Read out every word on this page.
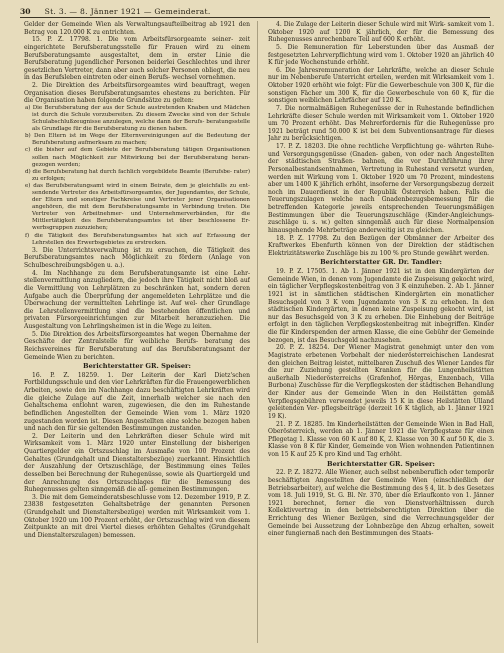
30 St. 3. — 8. Jänner 1921 — Gemeinderat.

Gelder der Gemeinde Wien als Verwaltungsaufteilbeitrag ab 1921 den Betrag von 120.000 K zu entrichten.

15. P. Z. 17798. 1. Die vom Arbeitsfürsorgeamte seiner- zeit eingerichtete Berufsberatungsstelle für Frauen wird zu einem Berufsberatungsamte ausgestaltet, dem in erster Linie die Berufsberatung jugendlicher Personen beiderlei Geschlechtes und ihrer gesetzlichen Vertreter, dann aber auch solcher Personen obliegt, die neu in das Berufsleben eintreten oder einen Berufs- wechsel vornehmen.

2. Die Direktion des Arbeitsfürsorgeamtes wird beauftragt, wegen Organisation dieses Berufsberatungsamtes ehestens zu berichten. Für die Organisation haben folgende Grundsätze zu gelten:

a) Die Berufsberatung der aus der Schule austretenden Knaben und Mädchen ist durch die Schule vorzubereiten. Zu diesem Zwecke sind von der Schule Schulabschlußzeugnisse anzulegen, welche dann der Berufs- beratungsstelle als Grundlage für die Berufsberatung zu dienen haben.

b) Den Eltern ist im Wege der Elternvereinigungen auf die Bedeutung der Berufsberatung aufmerksam zu machen;

c) die bisher auf dem Gebiete der Berufsberatung tätigen Organisationen sollen nach Möglichkeit zur Mitwirkung bei der Berufsberatung heran- gezogen werden;

d) die Berufsberatung hat durch fachlich vorgebildete Beamte (Berufsbe- rater) zu erfolgen;

e) das Berufsberatungsamt wird in einem Beirate, dem je gleichfalls zu ent- sendende Vertreter des Arbeitsfürsorgeamtes, der Jugendamtes, der Schule, der Eltern und sonstiger Fachkreise und Vertreter jener Organisationen angehören, die mit dem Berufsberatungsamte in Verbindung treten. Die Vertreter von Arbeitnehmer- und Unternehmerverbänden, für die Mittlertätigkeit des Berufsberatungsamtes ist über beschlossene Er- werbsgruppen zuzuziehen;

f) die Tätigkeit des Berufsberatungsamtes hat sich auf Erfassung der Lehrstellen des Erwerbsgebietes zu erstrecken.

3. Die Unterrichtsverwaltung ist zu ersuchen, die Tätigkeit des Berufsberatungsamtes nach Möglichkeit zu fördern (Anlage von Schulbeschreibungsbögen u. a.).

4. Im Nachhange zu dem Berufsberatungsamte ist eine Lehr- stellenvermittlung anzugliedern, die jedoch ihre Tätigkeit nicht bloß auf die Vermittlung von Lehrplätzen zu beschränken hat, sondern deren Aufgabe auch die Überprüfung der angemeldeten Lehrplätze und die Überwachung der vermittelten Lehrlinge ist. Auf wel- cher Grundlage die Lehrstellenvermittlung sind die bestehenden öffentlichen und privaten Fürsorgeeinrichtungen zur Mitarbeit heranzuziehen. Die Ausgestaltung von Lehrlingsheimen ist in die Wege zu leiten.

5. Die Direktion des Arbeitsfürsorgeamtes hat wegen Übernahme der Geschäfte der Zentralstelle für weibliche Berufs- beratung des Reichsvereines für Berufsberatung auf das Berufsberatungsamt der Gemeinde Wien zu berichten.

Berichterstatter GR. Speiser:

16. P. Z. 18259. 1. Der Leiterin der Karl Dietz'schen Fortbildungsschule und den vier Lehrkräften für die Frauengewerblichen Arbeiten, sowie den im Nachhange dazu beschäftigten Lehrkräften wird die gleiche Zulage auf die Zeit, innerhalb welcher sie nach den Gehaltschema entlohnt waren, zugewiesen, die den im Ruhestande befindlichen Angestellten der Gemeinde Wien vom 1. März 1920 zugestanden worden ist. Diesen Angestellten eine solche bezogen haben und nach den für sie geltenden Bestimmungen zustanden.

2. Der Leiterin und den Lehrkräften dieser Schule wird mit Wirksamkeit vom 1. März 1920 unter Einstellung der bisherigen Quartiergelder ein Ortszuschlag im Ausmaße von 100 Prozent des Gehaltes (Grundgehalt und Dienstaltersbezüge) zuerkannt. Hinsichtlich der Auszahlung der Ortszuschläge, der Bestimmung eines Teiles desselben bei Berechnung der Ruhegenüsse, sowie als Quartiergeld und der Anrechnung des Ortszuschlages für die Bemessung des Ruhegenusses gelten sinngemäß die all- gemeinen Bestimmungen.

3. Die mit dem Gemeinderatsbeschlusse vom 12. Dezember 1919, P. Z. 23838 festgesetzten Gehaltsbeträge der genannten Personen (Grundgehalt und Dienstaltersbezüge) werden mit Wirksamkeit vom 1. Oktober 1920 um 100 Prozent erhöht, der Ortszuschlag wird von diesem Zeitpunkte an mit drei Viertel dieses erhöhten Gehaltes (Grundgehalt und Dienstalterszulagen) bemessen.

4. Die Zulage der Leiterin dieser Schule wird mit Wirk- samkeit vom 1. Oktober 1920 auf 1200 K jährlich, der für die Bemessung des Ruhegenusses anrechenbare Teil auf 600 K erhöht.

5. Die Remuneration für Leberstunden über das Ausmaß der festgesetzten Lehrverpflichtung wird vom 1. Oktober 1920 an jährlich 40 K für jede Wochenstunde erhöht.

6. Die Jahresremuneration der Lehrkräfte, welche an dieser Schule nur im Nebenberufe Unterricht erteilen, werden mit Wirksamkeit vom 1. Oktober 1920 erhöht wie folgt: Für die Gewerbeschule von 300 K, für die sonstigen Fächer um 300 K, für die Gewerbeschule von 60 K, für die sonstigen weiblichen Lehrfächer auf 120 K.

7. Die normalmäßigen Ruhegenüsse der in Ruhestande befindlichen Lehrkräfte dieser Schule werden mit Wirksamkeit vom 1. Oktober 1920 um 70 Prozent erhöht. Das Mehrerfordernis für die Ruhegenüsse pro 1921 beträgt rund 50.000 K ist bei dem Subventionsantrage für dieses Jahr zu berücksichtigen.

17. P. Z. 18203. Die ohne rechtliche Verpflichtung ge- währten Ruhe- und Versorgungsgenüsse (Gnaden- gaben, von oder nach Angestellten der städtischen Straßen- bahnen, die vor Durchführung ihrer Personalbestandsentnahmen, Vertretung in Ruhestand versetzt wurden, werden mit Wirkung vom 1. Oktober 1920 um 70 Prozent, mindestens aber um 1400 K jährlich erhöht, insoferne der Versorgungsbezug derzeit noch im Dauerdienst in der Republik Österreich haben. Falls die Teuerungszulagen welche nach Gnadenbezugsbemessung für die betreffenden Kategorie jeweils entsprechenden Teuerungsmäßigen Bestimmungen über die Teuerungszuschläge (Kinder-Angleichungs- zuschläge u. s. w.) gelten sinngemäß auch für diese Normalpension hinausgehende Mehrbeträge anderweitig ist zu gleichen.

18. P. Z. 17798. Zu den Bezügen der Obmänner der Arbeiter des Kraftwerkes Ebenfurth können von der Direktion der städtischen Elektrizitätswerke Zuschläge bis zu 100 % pro Stunde gewährt werden.

Berichterstatter GR. Dr. Tandler:

19. P. Z. 17505. 1. Ab 1. Jänner 1921 ist in den Kindergärten der Gemeinde Wien, in denen vom Jugendamte die Zuspeisung gekocht wird, ein täglicher Verpflegskostenbeitrag von 3 K einzuheben. 2. Ab 1. Jänner 1921 ist in sämtlichen städtischen Kindergärten ein monatlicher Besuchsgeld von 3 K vom Jugendamte von 3 K zu erheben. In den städtischen Kindergärten, in denen keine Zuspeisung gekocht wird, ist nur das Besuchsgeld von 3 K zu erheben. Die Einhebung der Beiträge erfolgt in den täglichen Verpflegskostenbeitrag mit inbegriffen. Kinder die für Kinderspenden der armen Klasse, die eine Gebühr der Gemeinde bezogen, ist das Besuchsgeld nachzusehen.

20. P. Z. 18254. Der Wiener Magistrat genehmigt unter den vom Magistrate erbetenen Vorbehalt der niederösterreichischen Landesrat den gleichen Beitrag leistet, mittelbaren Zuschuß des Wiener Landes für die zur Zuziehung gestellten Kranken für die Lungenheilstätten außerhalb Niederösterreichs (Grafenhof, Hörgas, Enzenbach, Villa Burbona) Zuschüsse für die Verpflegskosten der städtischen Behandlung der Kinder aus der Gemeinde Wien in den Heilstätten gemäß Verpflegsgebühren verwendet jeweils 15 K in diese Heilstätten Ulland geleitenden Ver- pflegsbeiträge (derzeit 16 K täglich, ab 1. Jänner 1921 19 K).

21. P. Z. 18285. Im Kinderheilstätten der Gemeinde Wien in Bad Hall, Oberösterreich, werden ab 1. Jänner 1921 die Verpflegstaxe für einen Pflegetag 1. Klasse von 60 K auf 80 K, 2. Klasse von 30 K auf 50 K, die 3. Klasse von 8 K für Kinder, Gemeinde von Wien wohnenden Patientinnen von 15 K auf 25 K pro Kind und Tag erhöht.

Berichterstatter GR. Speiser:

22. P. Z. 18272. Alle Wiener, auch selbst nebenberuflich oder temporär beschäftigten Angestellten der Gemeinde Wien (einschließlich der Betriebsarbeiter), auf welche die Bestimmung des § 4, lit. b des Gesetzes vom 18. Juli 1919, St. G. Bl. Nr. 370, über die Erlaufkonto von 1. Jänner 1921 berechnet, ferner die von Dienstverhältnissen durch Kollektivvertrag in den betriebsberechtigten Direktion über die Errichtung des Wiener Bezügen, sind die Verrechnungsgelder der Gemeinde bei Aussetzung der Lohnbezüge den Abzug erhalten, soweit einer fungiernaß nach den Bestimmungen des Staats-
